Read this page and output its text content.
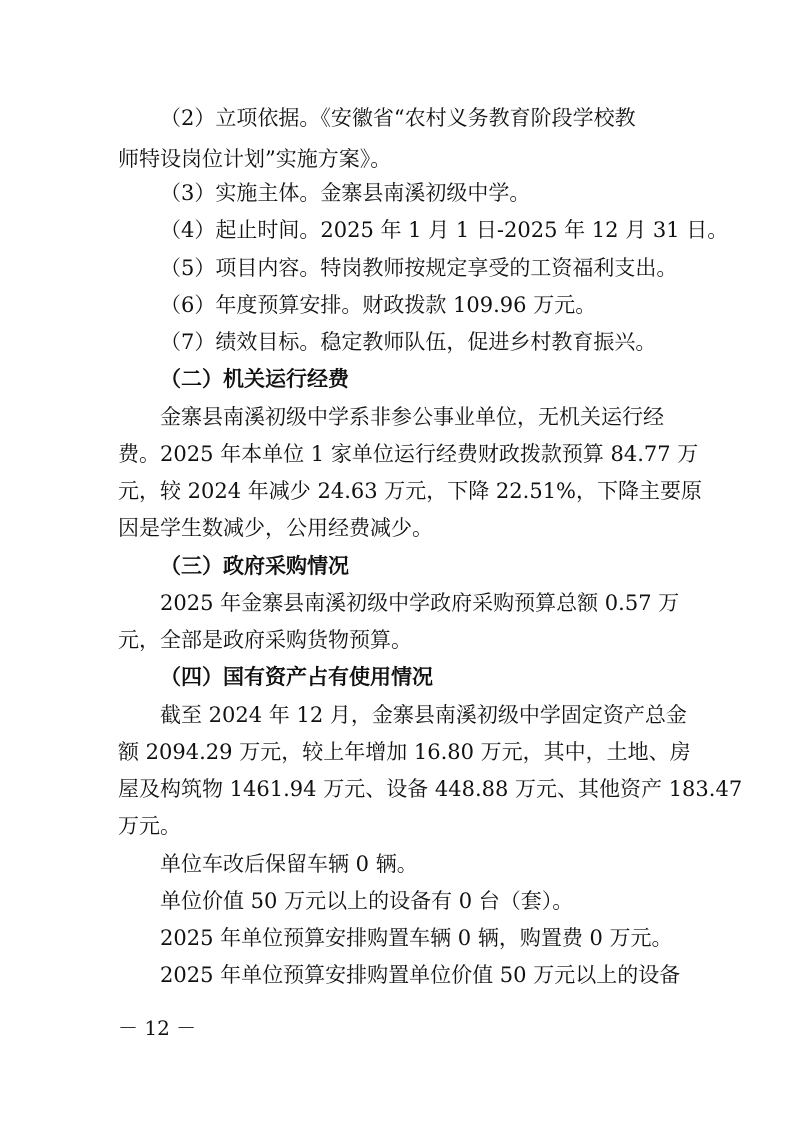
（2）立项依据。《安徽省“农村义务教育阶段学校教
师特设岗位计划”实施方案》。
（3）实施主体。金寨县南溪初级中学。
（4）起止时间。2025 年 1 月 1 日-2025 年 12 月 31 日。
（5）项目内容。特岗教师按规定享受的工资福利支出。
（6）年度预算安排。财政拨款 109.96 万元。
（7）绩效目标。稳定教师队伍，促进乡村教育振兴。
（二）机关运行经费
金寨县南溪初级中学系非参公事业单位，无机关运行经
费。2025 年本单位 1 家单位运行经费财政拨款预算 84.77 万
元，较 2024 年减少 24.63 万元，下降 22.51%，下降主要原
因是学生数减少，公用经费减少。
（三）政府采购情况
2025 年金寨县南溪初级中学政府采购预算总额 0.57 万
元，全部是政府采购货物预算。
（四）国有资产占有使用情况
截至 2024 年 12 月，金寨县南溪初级中学固定资产总金
额 2094.29 万元，较上年增加 16.80 万元，其中，土地、房
屋及构筑物 1461.94 万元、设备 448.88 万元、其他资产 183.47
万元。
单位车改后保留车辆 0 辆。
单位价值 50 万元以上的设备有 0 台（套）。
2025 年单位预算安排购置车辆 0 辆，购置费 0 万元。
2025 年单位预算安排购置单位价值 50 万元以上的设备
－ 12 －
